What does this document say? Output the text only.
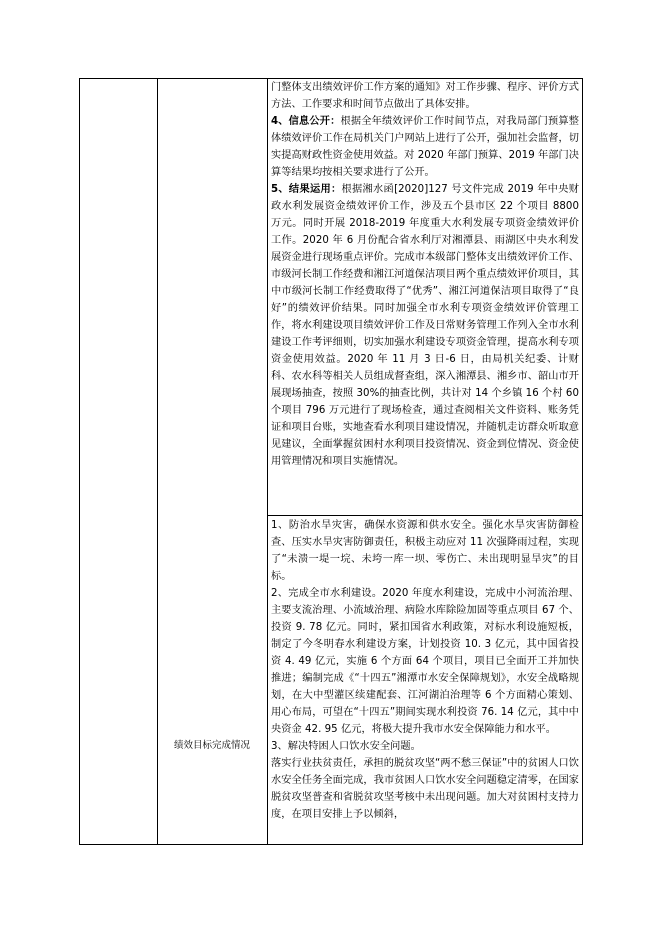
门整体支出绩效评价工作方案的通知》对工作步骤、程序、评价方式方法、工作要求和时间节点做出了具体安排。

4、信息公开：根据全年绩效评价工作时间节点，对我局部门预算整体绩效评价工作在局机关门户网站上进行了公开，强加社会监督，切实提高财政性资金使用效益。对 2020 年部门预算、2019 年部门决算等结果均按相关要求进行了公开。

5、结果运用：根据湘水函[2020]127 号文件完成 2019 年中央财政水利发展资金绩效评价工作，涉及五个县市区 22 个项目 8800 万元。同时开展 2018-2019 年度重大水利发展专项资金绩效评价工作。2020 年 6 月份配合省水利厅对湘潭县、雨湖区中央水利发展资金进行现场重点评价。完成市本级部门整体支出绩效评价工作、市级河长制工作经费和湘江河道保洁项目两个重点绩效评价项目，其中市级河长制工作经费取得了“优秀”、湘江河道保洁项目取得了“良好”的绩效评价结果。同时加强全市水利专项资金绩效评价管理工作，将水利建设项目绩效评价工作及日常财务管理工作列入全市水利建设工作考评细则，切实加强水利建设专项资金管理，提高水利专项资金使用效益。2020 年 11 月 3 日-6 日，由局机关纪委、计财科、农水科等相关人员组成督查组，深入湘潭县、湘乡市、韶山市开展现场抽查，按照 30%的抽查比例，共计对 14 个乡镇 16 个村 60 个项目 796 万元进行了现场检查，通过查阅相关文件资料、账务凭证和项目台账，实地查看水利项目建设情况，并随机走访群众听取意见建议，全面掌握贫困村水利项目投资情况、资金到位情况、资金使用管理情况和项目实施情况。

绩效目标完成情况

1、防治水旱灾害，确保水资源和供水安全。强化水旱灾害防御检查、压实水旱灾害防御责任，积极主动应对 11 次强降雨过程，实现了“未溃一堤一垸、未垮一库一坝、零伤亡、未出现明显旱灾”的目标。

2、完成全市水利建设。2020 年度水利建设，完成中小河流治理、主要支流治理、小流域治理、病险水库除险加固等重点项目 67 个、投资 9. 78 亿元。同时，紧扣国省水利政策，对标水利设施短板，制定了今冬明春水利建设方案，计划投资 10. 3 亿元，其中国省投资 4. 49 亿元，实施 6 个方面 64 个项目，项目已全面开工并加快推进；编制完成《“十四五”湘潭市水安全保障规划》，水安全战略规划，在大中型灌区续建配套、江河湖泊治理等 6 个方面精心策划、用心布局，可望在“十四五”期间实现水利投资 76. 14 亿元，其中中央资金 42. 95 亿元，将极大提升我市水安全保障能力和水平。

3、解决特困人口饮水安全问题。

落实行业扶贫责任，承担的脱贫攻坚“两不愁三保证”中的贫困人口饮水安全任务全面完成，我市贫困人口饮水安全问题稳定清零，在国家脱贫攻坚普查和省脱贫攻坚考核中未出现问题。加大对贫困村支持力度，在项目安排上予以倾斜，
